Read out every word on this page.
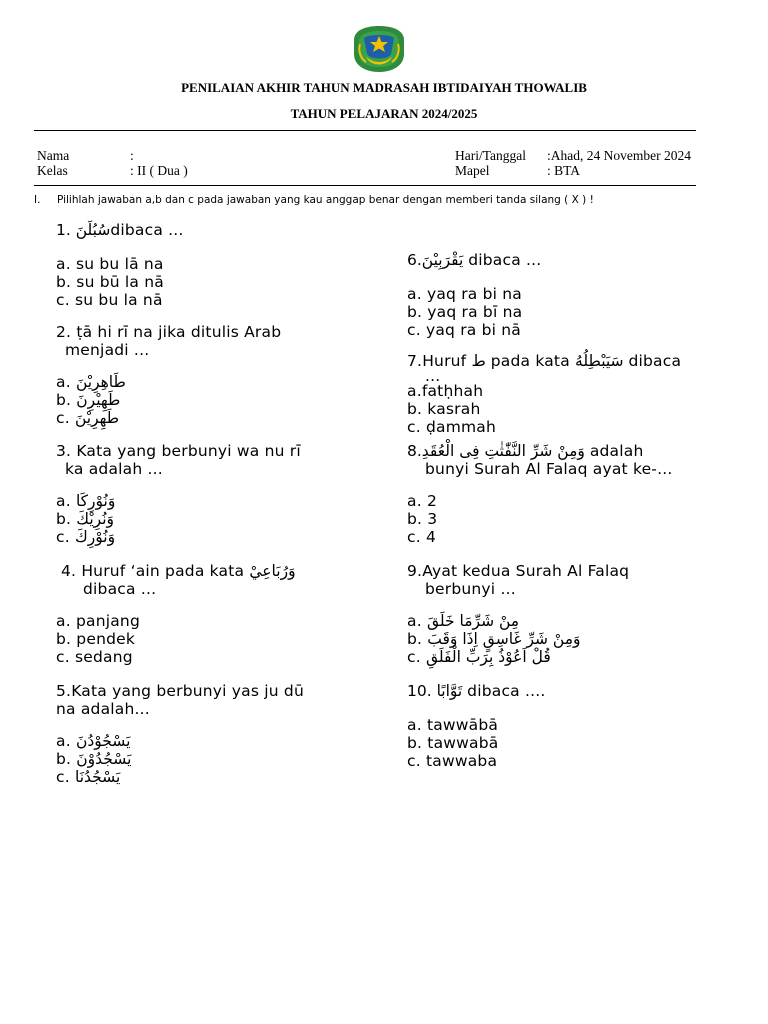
PENILAIAN AKHIR TAHUN MADRASAH IBTIDAIYAH THOWALIB
TAHUN PELAJARAN 2024/2025
Nama	:
Kelas	: II ( Dua )
Hari/Tanggal :Ahad, 24 November 2024
Mapel	: BTA
I. Pilihlah jawaban a,b dan c pada jawaban yang kau anggap benar dengan memberi tanda silang ( X ) !
1. سُبُلَنَdibaca ...
a. su bu lā na
b. su bū la nā
c. su bu la nā
2. ṭā hi rī na jika ditulis Arab
menjadi ...
a. طَاهِرِيْنَ
b. طَهِيْرِنَ
c. طَهِرِيْنَ
3. Kata yang berbunyi wa nu rī
ka adalah ...
a. وَنُوْرِكَا
b. وَنُرِيْكَ
c. وَنُوْرِكَ
4. Huruf ‘ain pada kata وَرُبَاعِيْ
dibaca ...
a. panjang
b. pendek
c. sedang
5.Kata yang berbunyi yas ju dū
na adalah...
a. يَسْجُوْدُنَ
b. يَسْجُدُوْنَ
c. يَسْجُدُنَا
6.يَقْرَبِيْنَ dibaca ...
a. yaq ra bi na
b. yaq ra bī na
c. yaq ra bi nā
7.Huruf ط pada kata سَيَبْطِلُهُ dibaca
...
a.fatḥhah
b. kasrah
c. ḍammah
8.وَمِنْ شَرِّ النَّفّٰثٰتِ فِى الْعُقَدِ adalah
bunyi Surah Al Falaq ayat ke-...
a. 2
b. 3
c. 4
9.Ayat kedua Surah Al Falaq
berbunyi ...
a. مِنْ شَرِّمَا خَلَقَ
b. وَمِنْ شَرِّ غَاسِقٍ اِذَا وَقَبَ
c. قُلْ اَعُوْذُ بِرَبِّ الْفَلَقِ
10. تَوَّابًا dibaca ....
a. tawwābā
b. tawwabā
c. tawwaba
